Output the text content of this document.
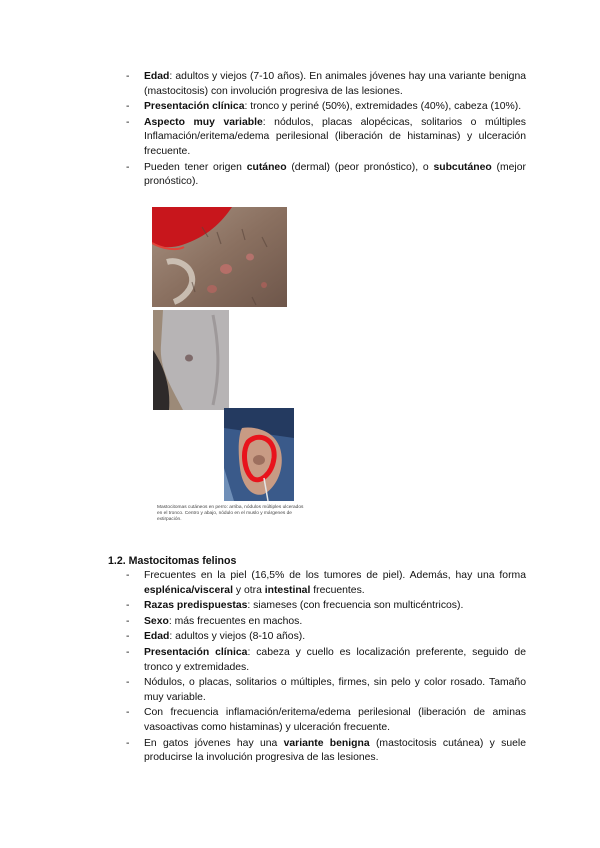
- Edad: adultos y viejos (7-10 años). En animales jóvenes hay una variante benigna (mastocitosis) con involución progresiva de las lesiones.
- Presentación clínica: tronco y periné (50%), extremidades (40%), cabeza (10%).
- Aspecto muy variable: nódulos, placas alopécicas, solitarios o múltiples Inflamación/eritema/edema perilesional (liberación de histaminas) y ulceración frecuente.
- Pueden tener origen cutáneo (dermal) (peor pronóstico), o subcutáneo (mejor pronóstico).
Mastocitomas cutáneos en perro: arriba, nódulos múltiples ulcerados en el tronco. Centro y abajo, nódulo en el muslo y márgenes de extirpación.
1.2. Mastocitomas felinos
- Frecuentes en la piel (16,5% de los tumores de piel). Además, hay una forma esplénica/visceral y otra intestinal frecuentes.
- Razas predispuestas: siameses (con frecuencia son multicéntricos).
- Sexo: más frecuentes en machos.
- Edad: adultos y viejos (8-10 años).
- Presentación clínica: cabeza y cuello es localización preferente, seguido de tronco y extremidades.
- Nódulos, o placas, solitarios o múltiples, firmes, sin pelo y color rosado. Tamaño muy variable.
- Con frecuencia inflamación/eritema/edema perilesional (liberación de aminas vasoactivas como histaminas) y ulceración frecuente.
- En gatos jóvenes hay una variante benigna (mastocitosis cutánea) y suele producirse la involución progresiva de las lesiones.
